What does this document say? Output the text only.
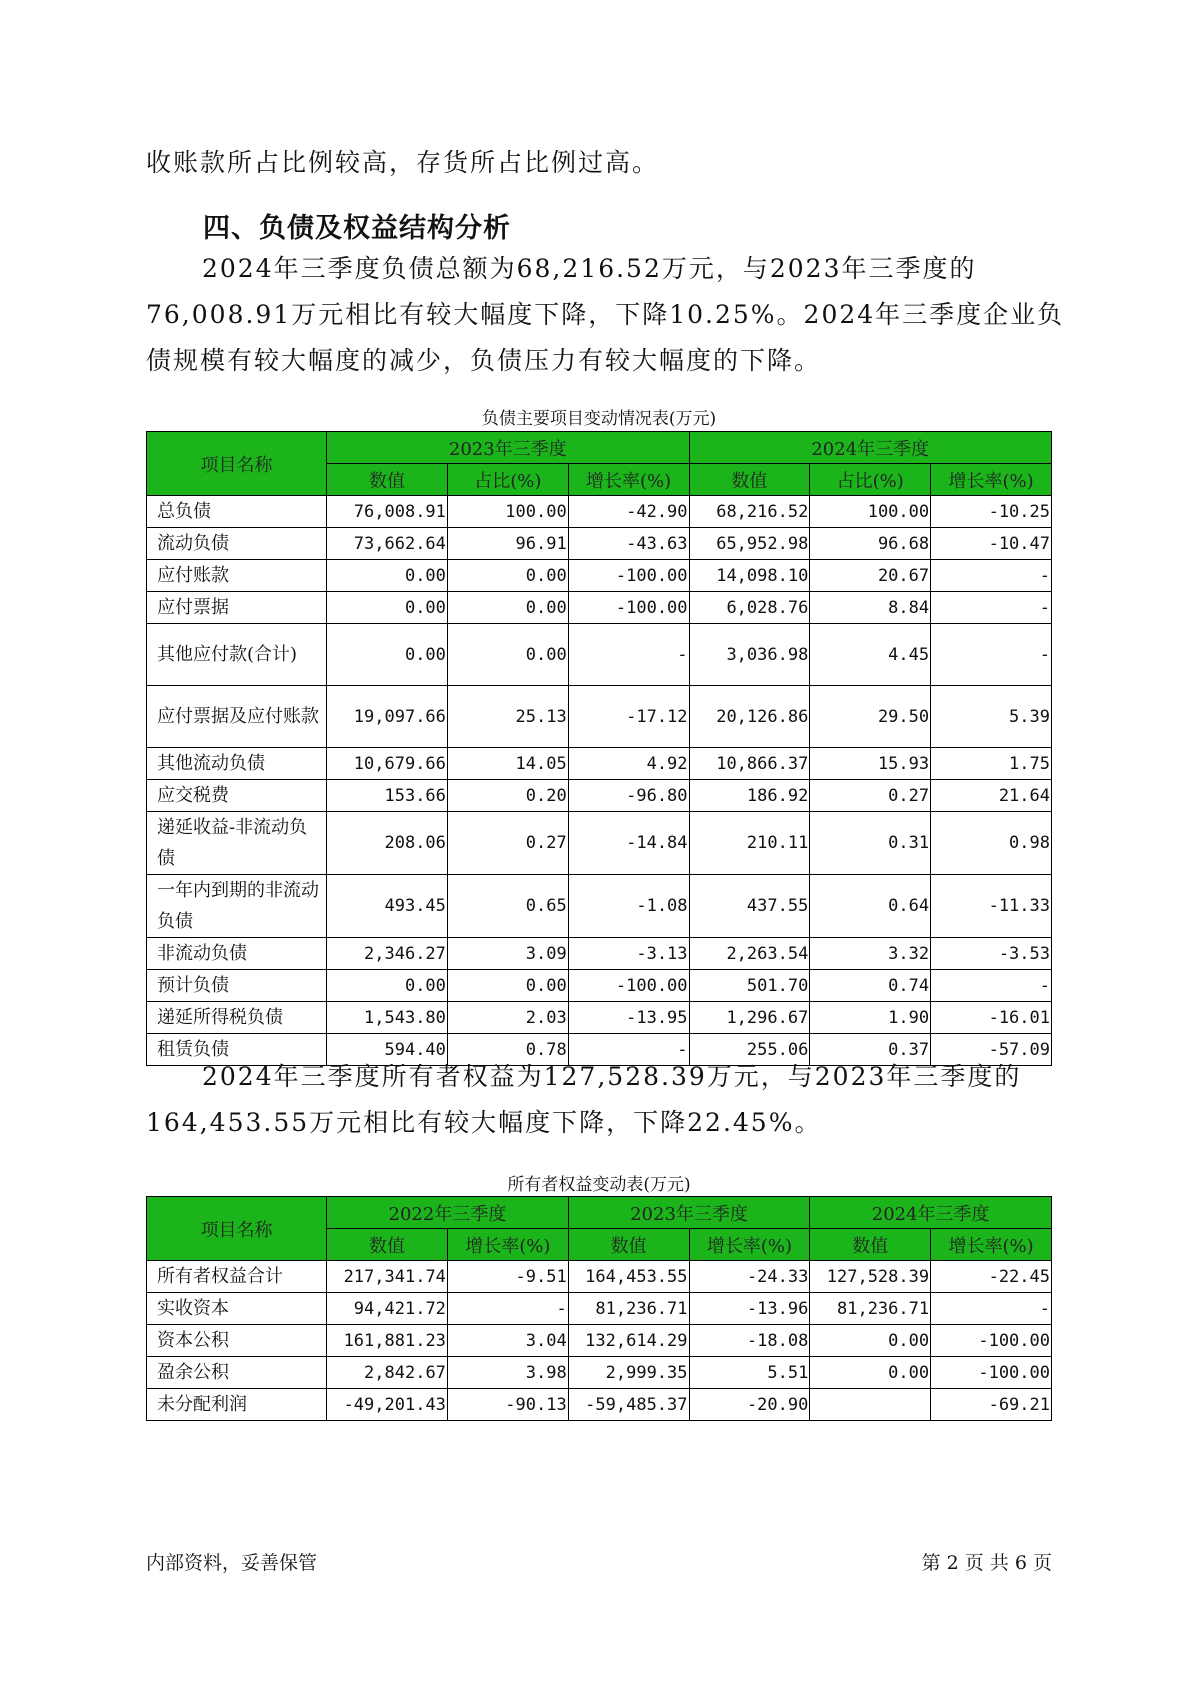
收账款所占比例较高，存货所占比例过高。

四、负债及权益结构分析

2024年三季度负债总额为68,216.52万元，与2023年三季度的76,008.91万元相比有较大幅度下降，下降10.25%。2024年三季度企业负债规模有较大幅度的减少，负债压力有较大幅度的下降。

负债主要项目变动情况表(万元)

项目名称	2023年三季度			2024年三季度		
	数值	占比(%)	增长率(%)	数值	占比(%)	增长率(%)
总负债	76,008.91	100.00	-42.90	68,216.52	100.00	-10.25
流动负债	73,662.64	96.91	-43.63	65,952.98	96.68	-10.47
应付账款	0.00	0.00	-100.00	14,098.10	20.67	-
应付票据	0.00	0.00	-100.00	6,028.76	8.84	-
其他应付款(合计)	0.00	0.00	-	3,036.98	4.45	-
应付票据及应付账款	19,097.66	25.13	-17.12	20,126.86	29.50	5.39
其他流动负债	10,679.66	14.05	4.92	10,866.37	15.93	1.75
应交税费	153.66	0.20	-96.80	186.92	0.27	21.64
递延收益-非流动负债	208.06	0.27	-14.84	210.11	0.31	0.98
一年内到期的非流动负债	493.45	0.65	-1.08	437.55	0.64	-11.33
非流动负债	2,346.27	3.09	-3.13	2,263.54	3.32	-3.53
预计负债	0.00	0.00	-100.00	501.70	0.74	-
递延所得税负债	1,543.80	2.03	-13.95	1,296.67	1.90	-16.01
租赁负债	594.40	0.78	-	255.06	0.37	-57.09

2024年三季度所有者权益为127,528.39万元，与2023年三季度的164,453.55万元相比有较大幅度下降，下降22.45%。

所有者权益变动表(万元)

项目名称	2022年三季度		2023年三季度		2024年三季度	
	数值	增长率(%)	数值	增长率(%)	数值	增长率(%)
所有者权益合计	217,341.74	-9.51	164,453.55	-24.33	127,528.39	-22.45
实收资本	94,421.72	-	81,236.71	-13.96	81,236.71	-
资本公积	161,881.23	3.04	132,614.29	-18.08	0.00	-100.00
盈余公积	2,842.67	3.98	2,999.35	5.51	0.00	-100.00
未分配利润	-49,201.43	-90.13	-59,485.37	-20.90		-69.21

内部资料，妥善保管	第 2 页 共 6 页
